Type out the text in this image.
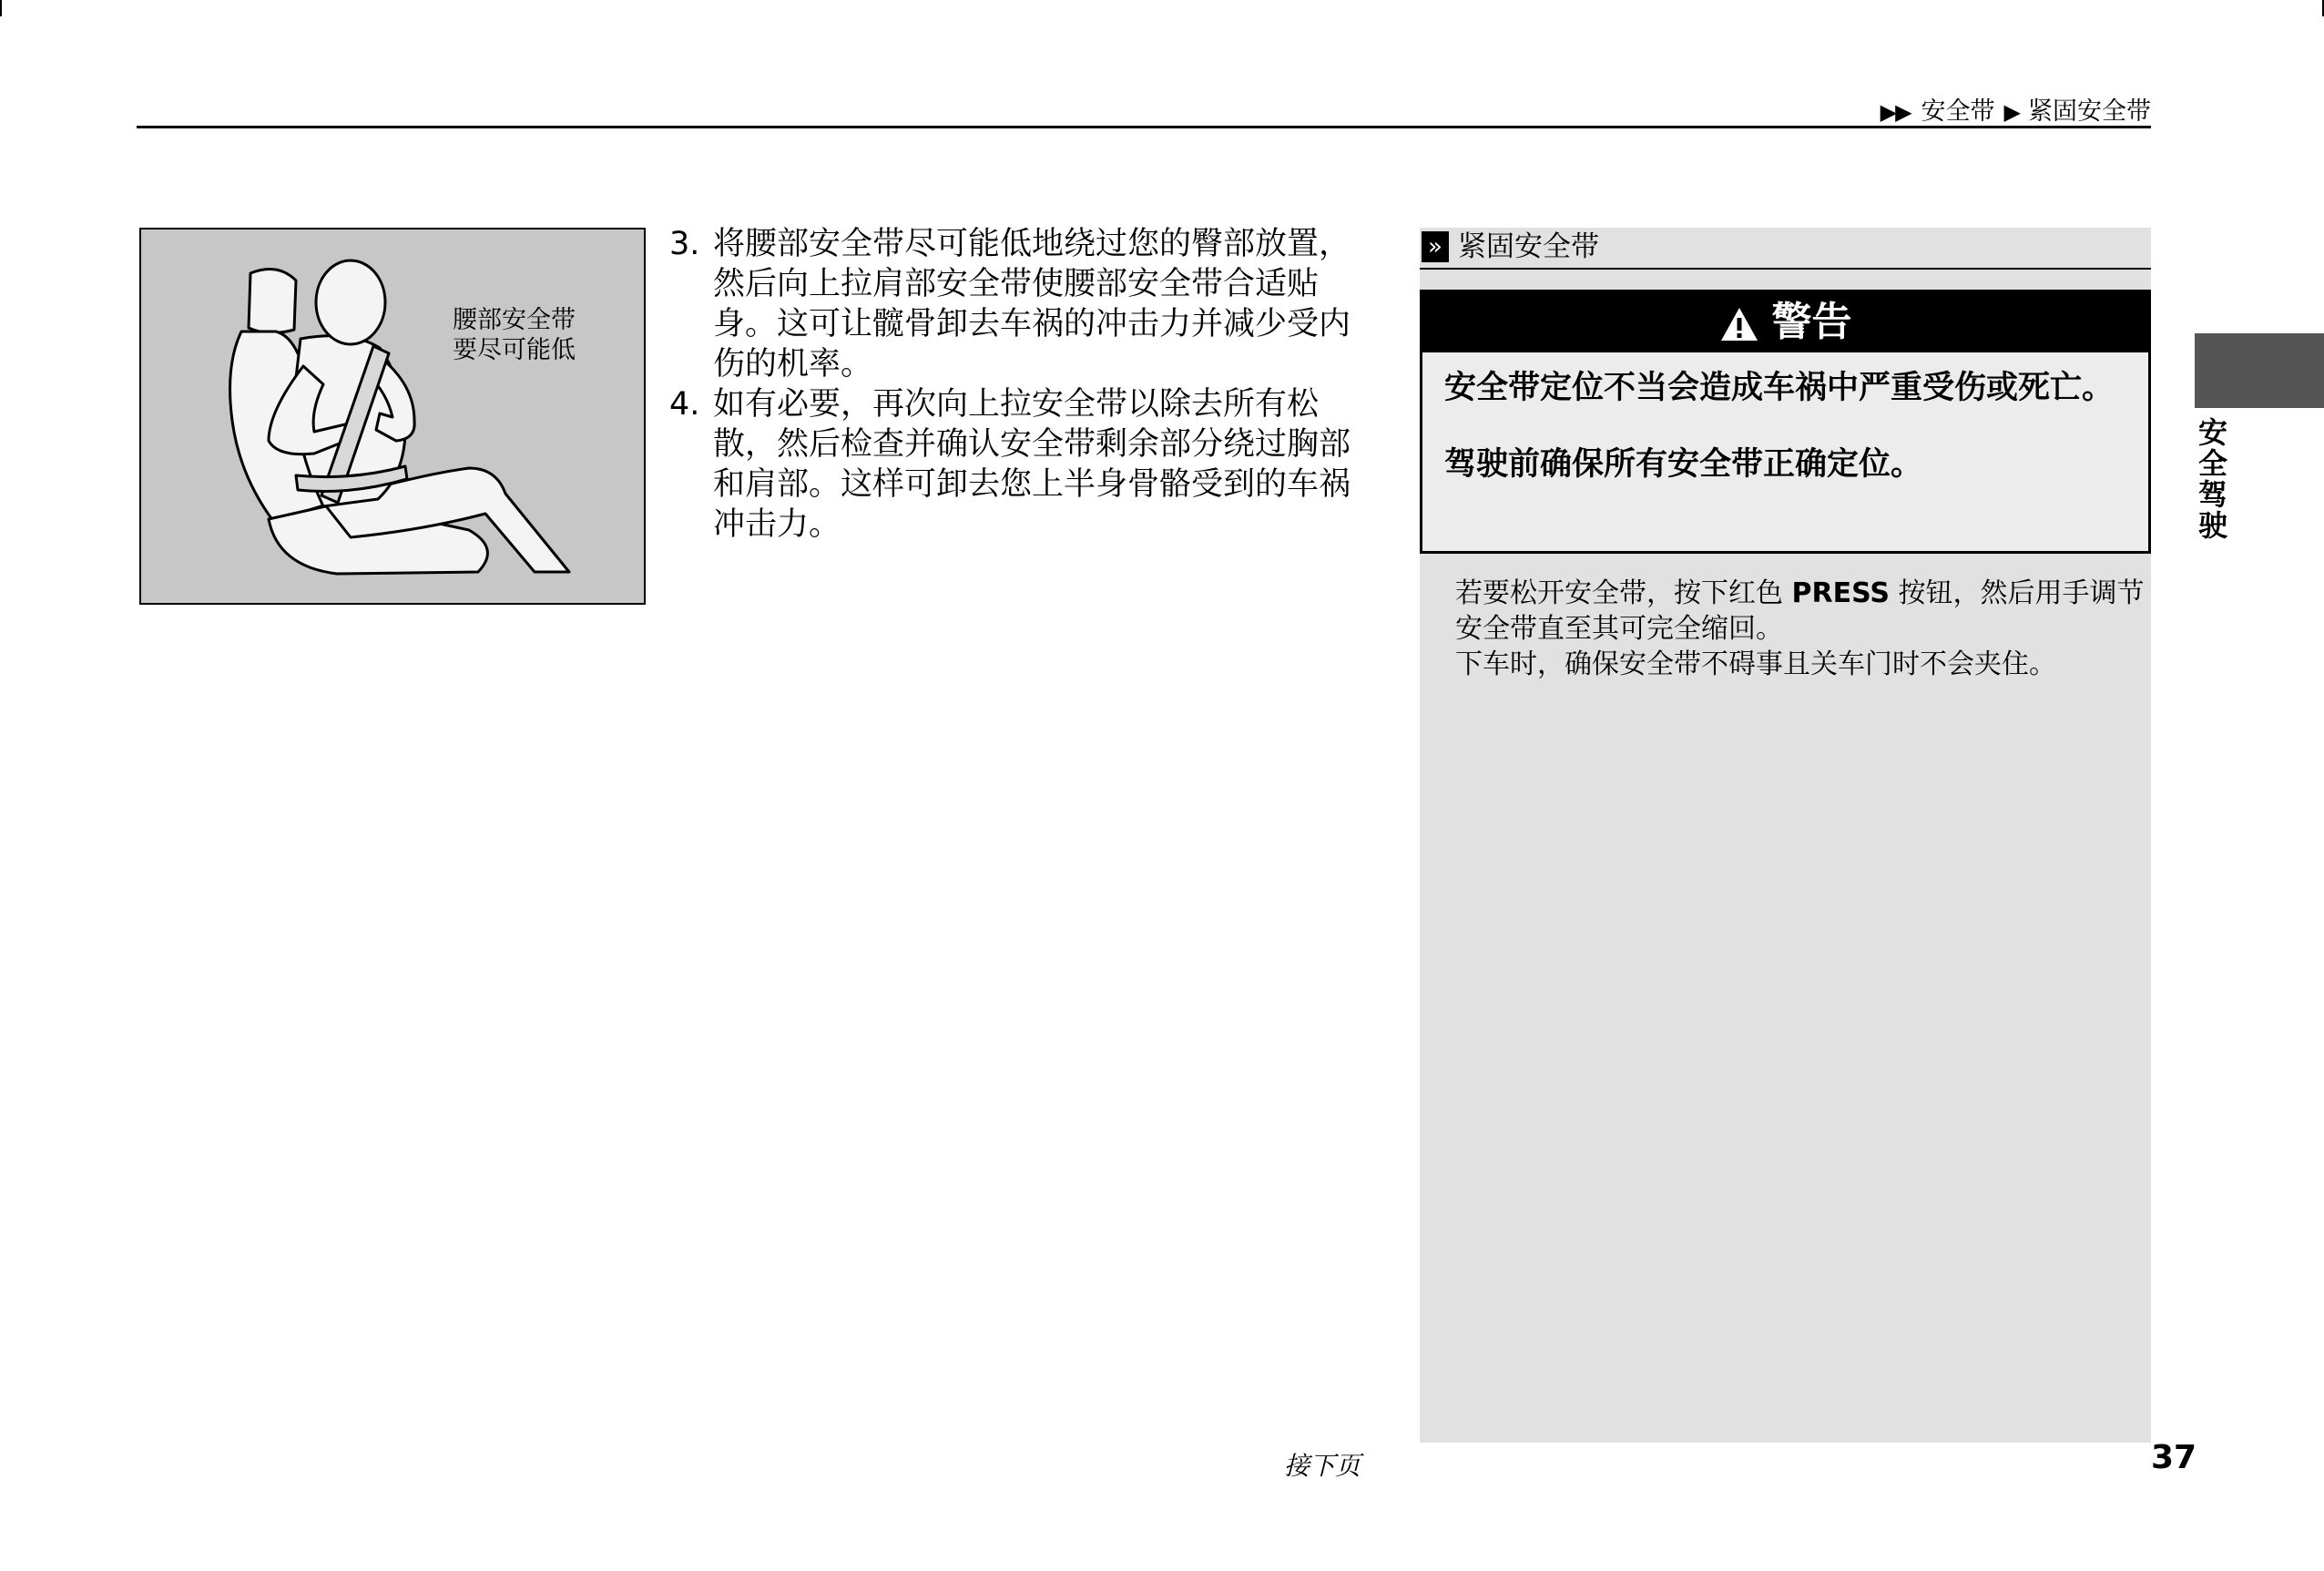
▶▶ 安全带 ▶ 紧固安全带
腰部安全带
要尽可能低
3. 将腰部安全带尽可能低地绕过您的臀部放置，然后向上拉肩部安全带使腰部安全带合适贴身。这可让髋骨卸去车祸的冲击力并减少受内伤的机率。
4. 如有必要，再次向上拉安全带以除去所有松散，然后检查并确认安全带剩余部分绕过胸部和肩部。这样可卸去您上半身骨骼受到的车祸冲击力。
» 紧固安全带
警告

安全带定位不当会造成车祸中严重受伤或死亡。

驾驶前确保所有安全带正确定位。

若要松开安全带，按下红色 PRESS 按钮，然后用手调节安全带直至其可完全缩回。

下车时，确保安全带不碍事且关车门时不会夹住。

安全驾驶
接下页	37
